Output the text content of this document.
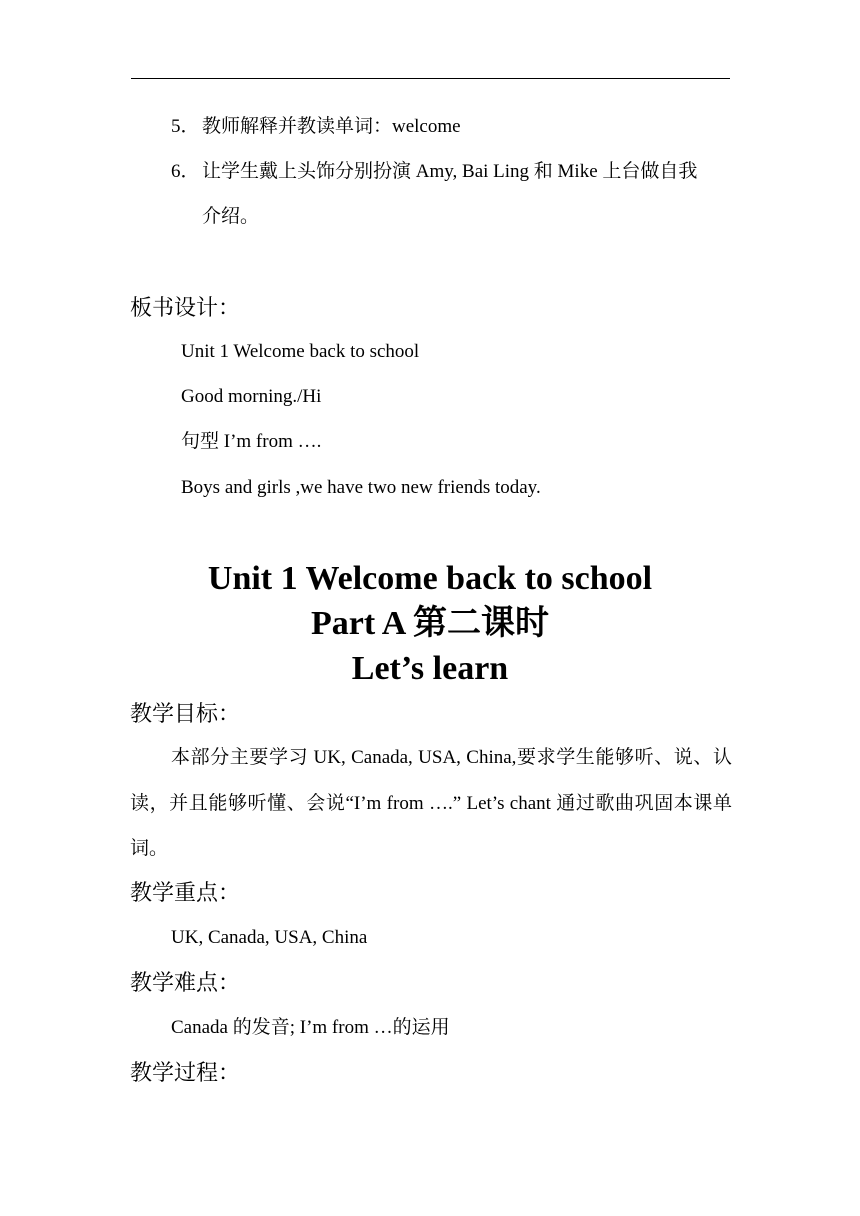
5． 教师解释并教读单词：welcome
6． 让学生戴上头饰分别扮演 Amy, Bai Ling 和 Mike 上台做自我
介绍。
板书设计：
Unit 1 Welcome back to school
Good morning./Hi
句型 I’m from ….
Boys and girls ,we have two new friends today.
Unit 1 Welcome back to school
Part A 第二课时
Let’s learn
教学目标：
本部分主要学习 UK, Canada, USA, China,要求学生能够听、说、认读，并且能够听懂、会说“I’m from ….” Let’s chant 通过歌曲巩固本课单词。
教学重点：
UK, Canada, USA, China
教学难点：
Canada 的发音; I’m from …的运用
教学过程：
